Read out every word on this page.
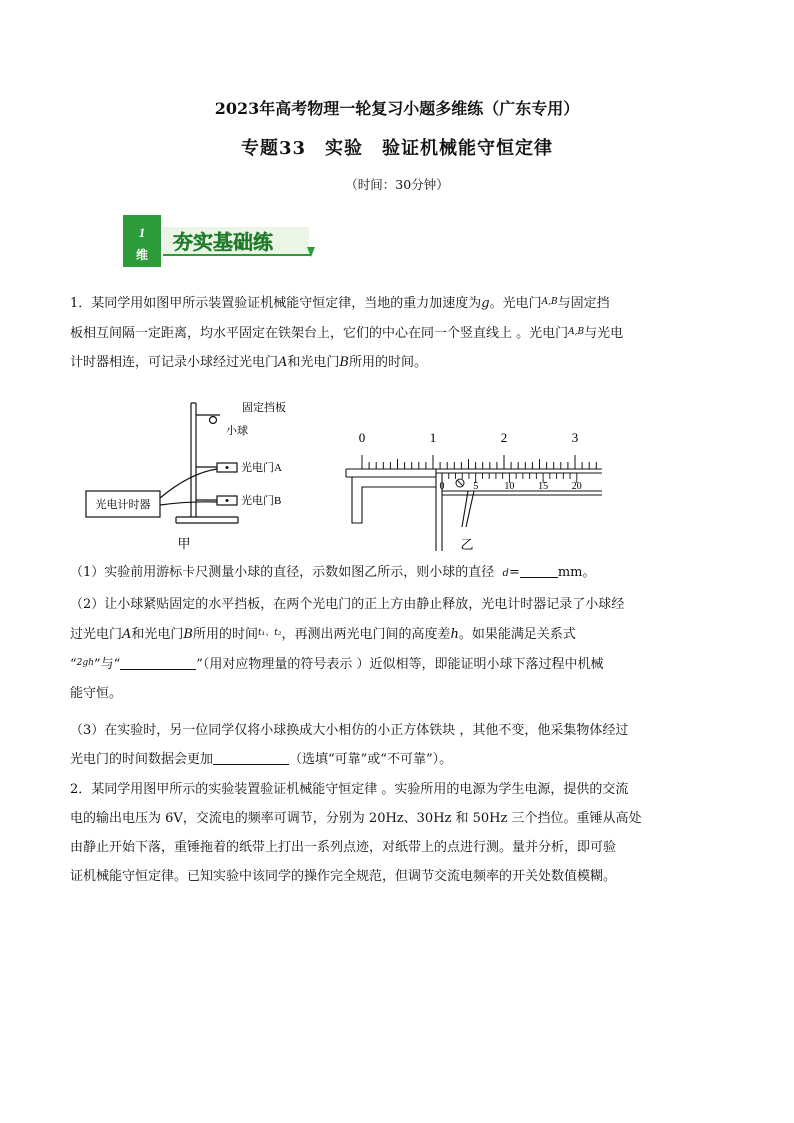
2023年高考物理一轮复习小题多维练（广东专用）
专题33　实验　验证机械能守恒定律
（时间：30分钟）
1
维
夯实基础练
1．某同学用如图甲所示装置验证机械能守恒定律，当地的重力加速度为g。光电门$^{A,B}$与固定挡
板相互间隔一定距离，均水平固定在铁架台上，它们的中心在同一个竖直线上 。光电门$^{A,B}$与光电
计时器相连，可记录小球经过光电门A和光电门B所用的时间。
固定挡板
小球
光电门A
光电门B
光电计时器
甲
0	1	2	3
0	5	10 15 20
乙
（1）实验前用游标卡尺测量小球的直径，示数如图乙所示，则小球的直径 d=	mm。
（2）让小球紧贴固定的水平挡板，在两个光电门的正上方由静止释放，光电计时器记录了小球经
过光电门A和光电门B所用的时间$^{t_1、t_2}$，再测出两光电门间的高度差h。如果能满足关系式
“$^{2gh}$”与“	”（用对应物理量的符号表示 ）近似相等，即能证明小球下落过程中机械
能守恒。
（3）在实验时，另一位同学仅将小球换成大小相仿的小正方体铁块 ，其他不变，他采集物体经过
光电门的时间数据会更加	（选填“可靠”或“不可靠”）。
2．某同学用图甲所示的实验装置验证机械能守恒定律 。实验所用的电源为学生电源，提供的交流
电的输出电压为 6V，交流电的频率可调节，分别为 20Hz、30Hz 和 50Hz 三个挡位。重锤从高处
由静止开始下落，重锤拖着的纸带上打出一系列点迹，对纸带上的点进行测。量并分析，即可验
证机械能守恒定律。已知实验中该同学的操作完全规范，但调节交流电频率的开关处数值模糊。
